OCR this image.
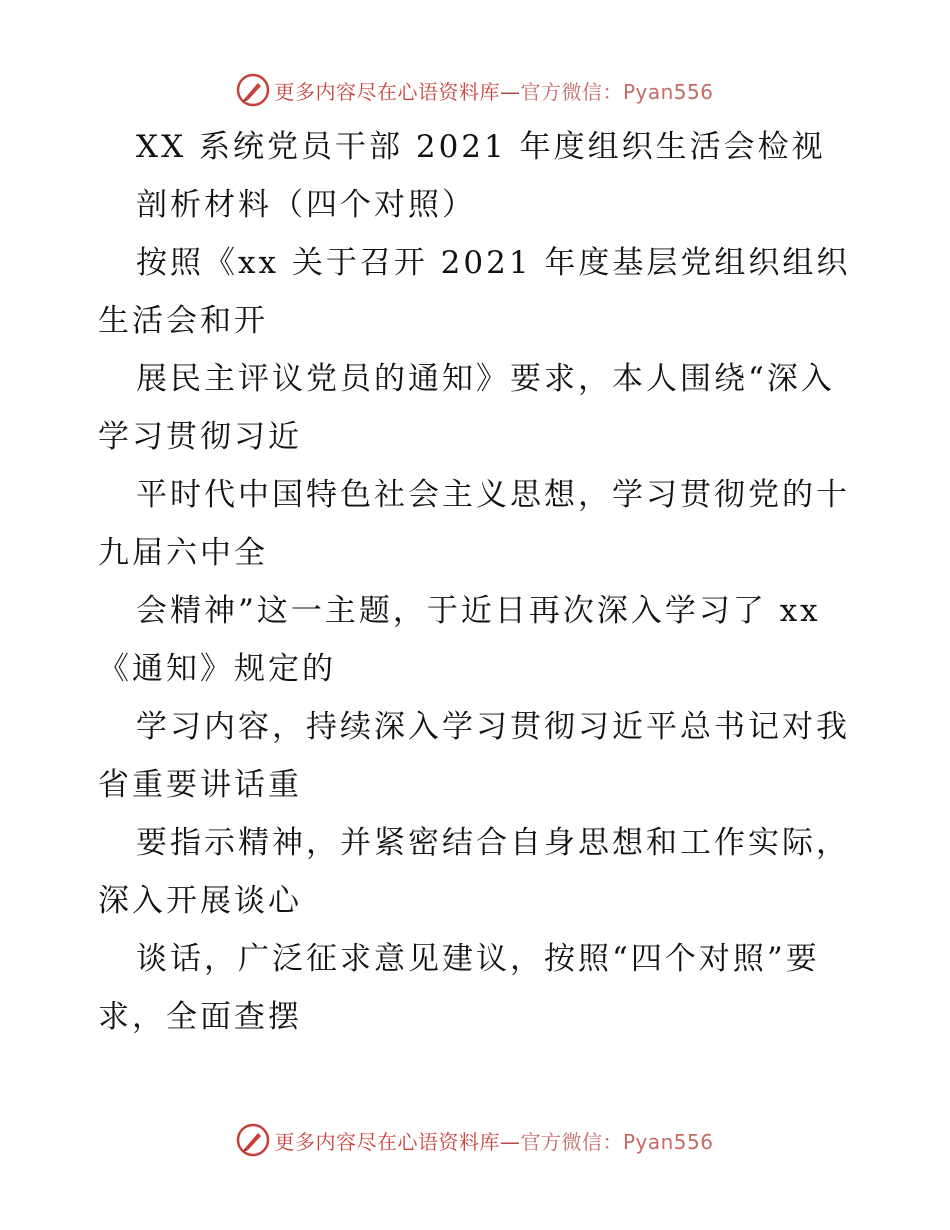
更多内容尽在心语资料库—官方微信：Pyan556
XX 系统党员干部 2021 年度组织生活会检视
剖析材料（四个对照）
按照《xx 关于召开 2021 年度基层党组织组织
生活会和开
展民主评议党员的通知》要求，本人围绕“深入
学习贯彻习近
平时代中国特色社会主义思想，学习贯彻党的十
九届六中全
会精神”这一主题，于近日再次深入学习了 xx
《通知》规定的
学习内容，持续深入学习贯彻习近平总书记对我
省重要讲话重
要指示精神，并紧密结合自身思想和工作实际，
深入开展谈心
谈话，广泛征求意见建议，按照“四个对照”要
求，全面查摆
更多内容尽在心语资料库—官方微信：Pyan556
